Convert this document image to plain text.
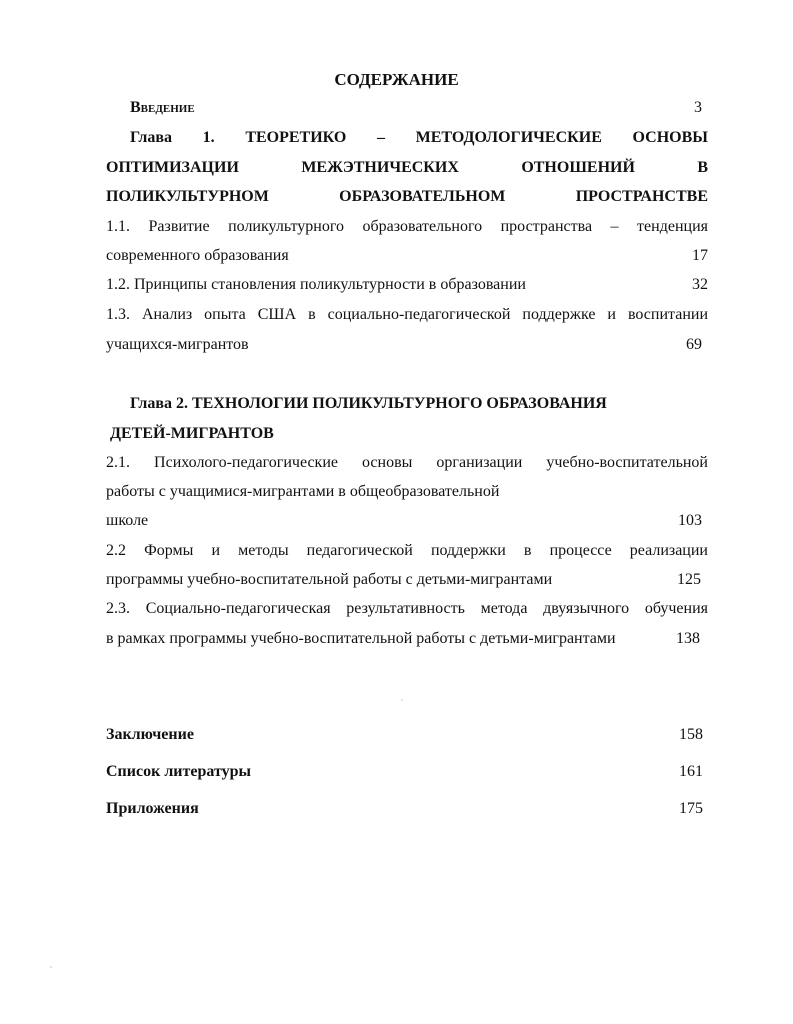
СОДЕРЖАНИЕ
Введение	3
Глава 1. ТЕОРЕТИКО – МЕТОДОЛОГИЧЕСКИЕ ОСНОВЫ
ОПТИМИЗАЦИИ МЕЖЭТНИЧЕСКИХ ОТНОШЕНИЙ В
ПОЛИКУЛЬТУРНОМ ОБРАЗОВАТЕЛЬНОМ ПРОСТРАНСТВЕ
1.1. Развитие поликультурного образовательного пространства – тенденция
современного образования	17
1.2. Принципы становления поликультурности в образовании	32
1.3. Анализ опыта США в социально-педагогической поддержке и воспитании
учащихся-мигрантов	69
Глава 2. ТЕХНОЛОГИИ ПОЛИКУЛЬТУРНОГО ОБРАЗОВАНИЯ
ДЕТЕЙ-МИГРАНТОВ
2.1. Психолого-педагогические основы организации учебно-воспитательной
работы с учащимися-мигрантами в общеобразовательной
школе	103
2.2 Формы и методы педагогической поддержки в процессе реализации
программы учебно-воспитательной работы с детьми-мигрантами	125
2.3. Социально-педагогическая результативность метода двуязычного обучения
в рамках программы учебно-воспитательной работы с детьми-мигрантами	138
Заключение	158
Список литературы	161
Приложения	175
